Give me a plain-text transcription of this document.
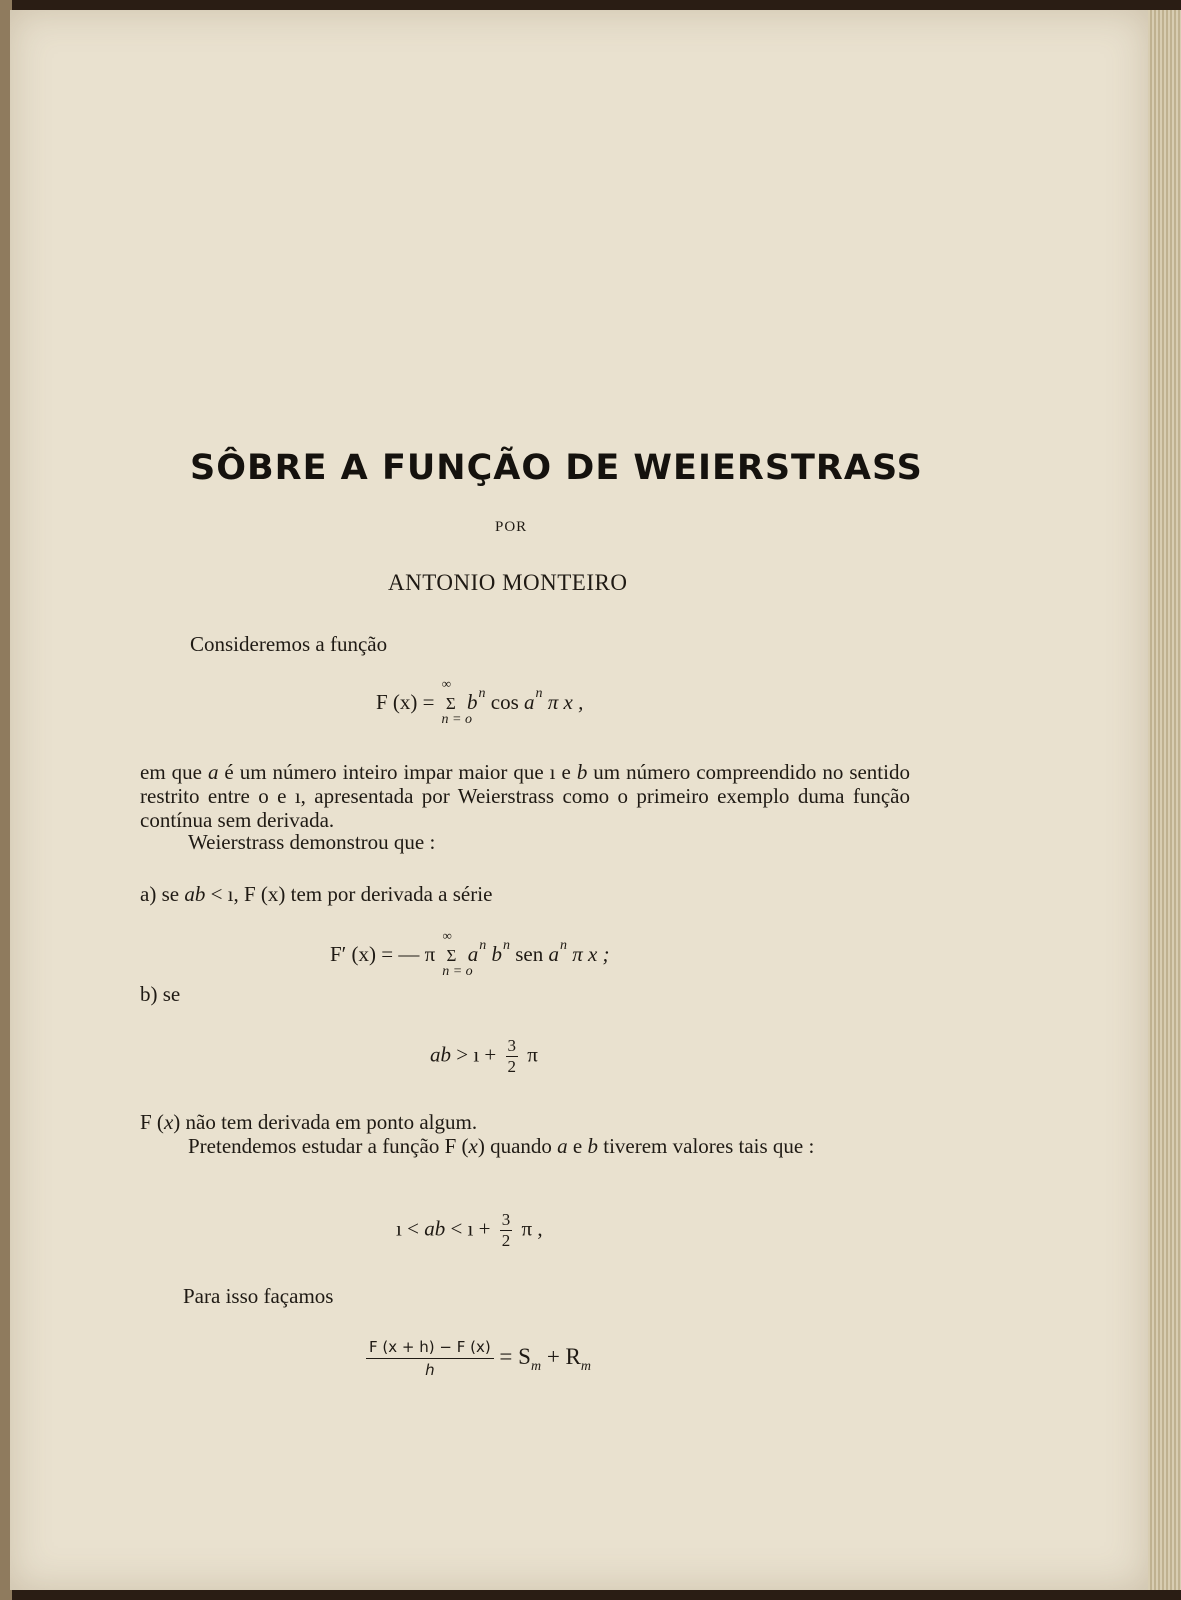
SÔBRE A FUNÇÃO DE WEIERSTRASS
POR
ANTONIO MONTEIRO
Consideremos a função
F (x) =
∞
Σ
n = o
$b^n$ $\cos a^n$ π x ,
em que a é um número inteiro impar maior que ı e b um número compreendido no sentido restrito entre o e ı, apresentada por Weierstrass como o primeiro exemplo duma função contínua sem derivada.
Weierstrass demonstrou que :
a) se ab < ı, F (x) tem por derivada a série
F′ (x) = — π
∞
Σ
n = o
$a^n$ $b^n$ sen $a^n$ π x ;
b) se
ab > ı + $\frac{3}{2}$ π
F (x) não tem derivada em ponto algum.
Pretendemos estudar a função F (x) quando a e b tiverem valores tais que :
ı < ab < ı + $\frac{3}{2}$ π ,
Para isso façamos
$\frac{F (x + h) - F (x)}{h} = S_m + R_m$
